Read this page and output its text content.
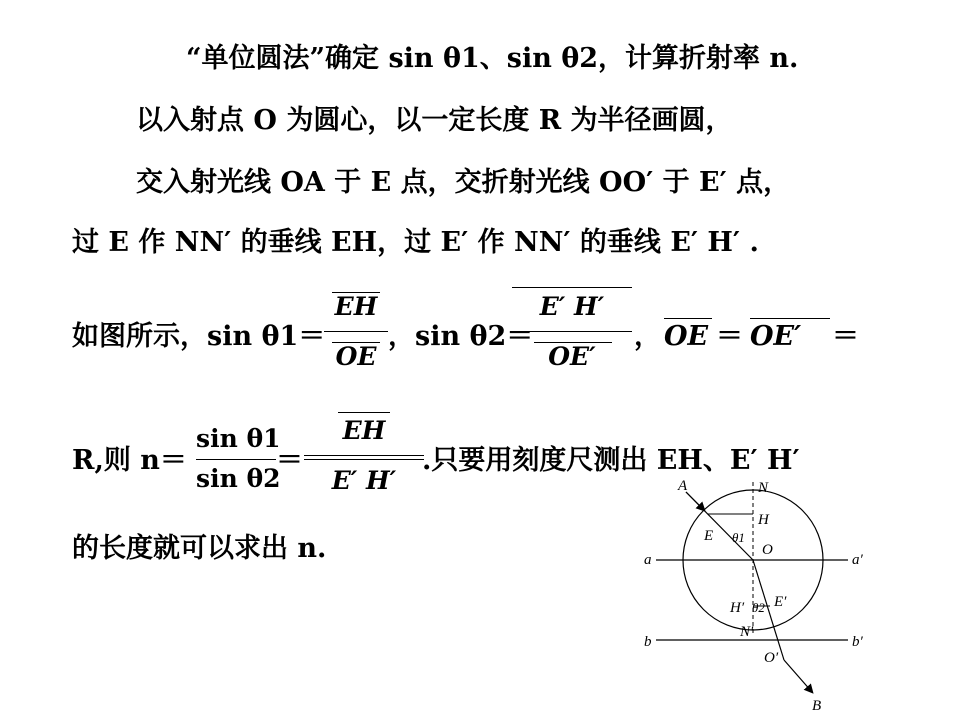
“单位圆法”确定 sin θ1、sin θ2，计算折射率 n.
以入射点 O 为圆心，以一定长度 R 为半径画圆，
交入射光线 OA 于 E 点，交折射光线 OO′ 于 E′ 点，
过 E 作 NN′ 的垂线 EH，过 E′ 作 NN′ 的垂线 E′ H′ .
如图所示，sin θ1＝
EH
OE
，sin θ2＝
E′ H′
OE′
， OE ＝ OE′ ＝
R,则 n＝
sin θ1
sin θ2
＝
EH
E′ H′
.只要用刻度尺测出 EH、E′ H′
的长度就可以求出 n.
A	N
H
E θ1
O
a	a′
H′ θ2 E′
N′
b	b′
O′
B
